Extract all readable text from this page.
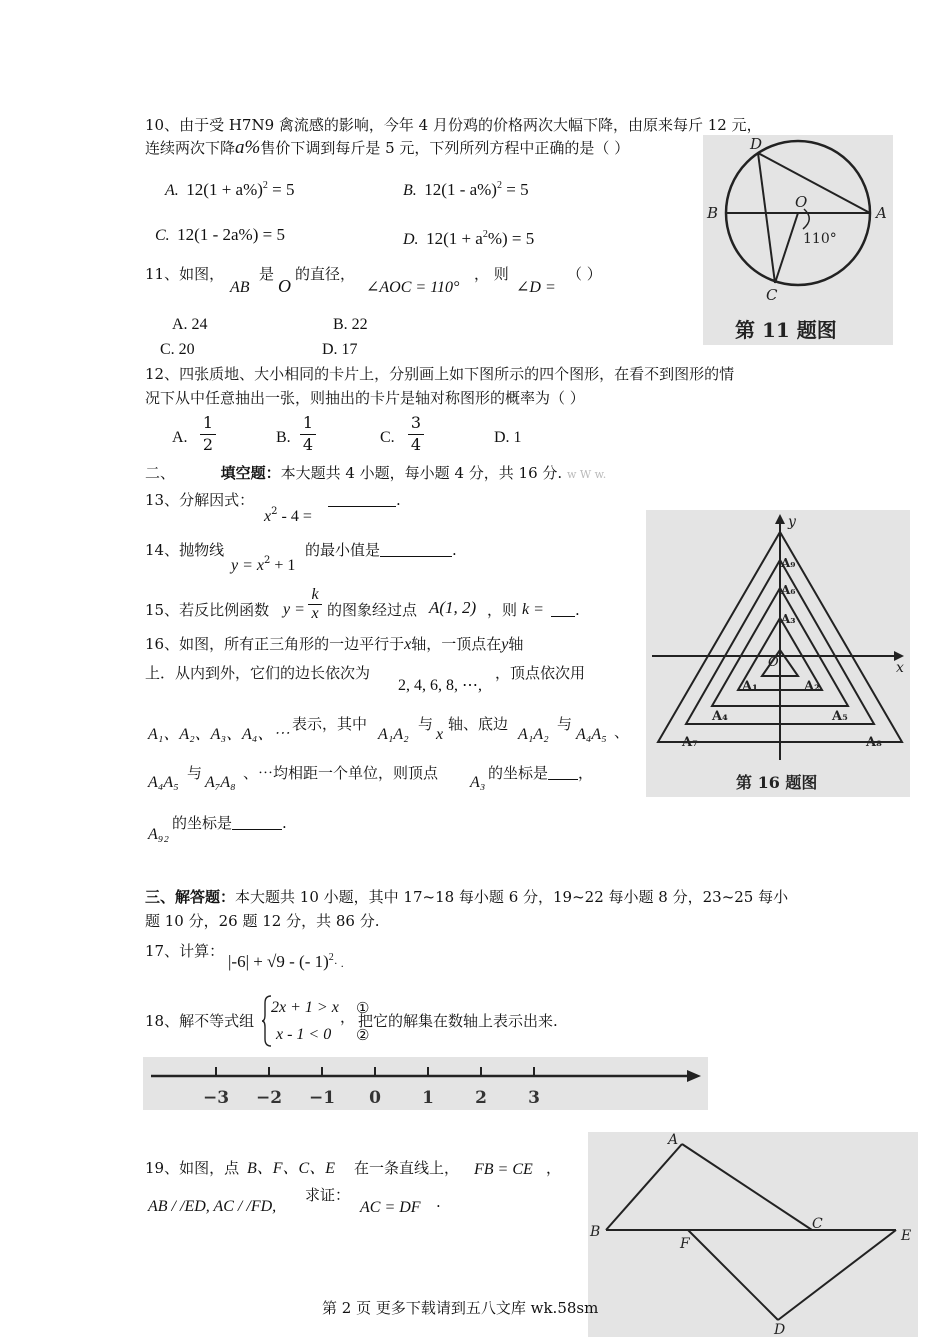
10、由于受 H7N9 禽流感的影响，今年 4 月份鸡的价格两次大幅下降，由原来每斤 12 元，
连续两次下降a%售价下调到每斤是 5 元，下列所列方程中正确的是（ ）
A. $12(1 + a\%)^2 = 5$	B. 12(1 - a%)$^2$ = 5
C. 12(1 - 2a%) = 5	D. $12(1 + a^2\%) = 5$
D
B
O
A
C
110°
第 11 题图
11、如图，
AB
是
O
的直径，
∠AOC = 110°
， 则
∠D =
（ ）
A. 24	B. 22
C. 20	D. 17
12、四张质地、大小相同的卡片上，分别画上如下图所示的四个图形，在看不到图形的情
况下从中任意抽出一张，则抽出的卡片是轴对称图形的概率为（ ）
A.
1
2	B.
1
4	C.
3
4	D. 1
二、	填空题：本大题共 4 小题，每小题 4 分，共 16 分. w W w.
13、分解因式：
$x^2 - 4$ =
.
14、抛物线
$y = x^2 + 1$
的最小值是	.
15、若反比例函数 y =
k
x 的图象经过点 A(1, 2) ，则 k =	.
16、如图，所有正三角形的一边平行于x轴，一顶点在y轴
上．从内到外，它们的边长依次为
2, 4, 6, 8, ⋯,
，顶点依次用
A₁、A₂、A₃、A₄、⋯
表示，其中
A₁A₂
与
x
轴、底边
A₁A₂
与
A₄A₅ 、
A₄A₅
与
A₇A₈
、⋯均相距一个单位，则顶点
A₃
的坐标是 ，
A₉₂
的坐标是	.
y
x
O
A₁	A₂
A₃
A₄	A₅
A₆
A₇	A₈
A₉
第 16 题图
三、解答题：本大题共 10 小题，其中 17~18 每小题 6 分，19~22 每小题 8 分，23~25 每小
题 10 分，26 题 12 分，共 86 分.
17、计算：
|-6| + √9 - (- 1)$^2$· .
18、解不等式组
2x + 1 > x
x - 1 < 0
①
②
， 把它的解集在数轴上表示出来.
−3 −2 −1 0 1 2 3
19、如图，点 B、F、C、E 在一条直线上， FB = CE ，
AB / /ED, AC / /FD,
求证：
AC = DF .
A
B
F
C
E
D
第 2 页 更多下载请到五八文库 wk.58sm
